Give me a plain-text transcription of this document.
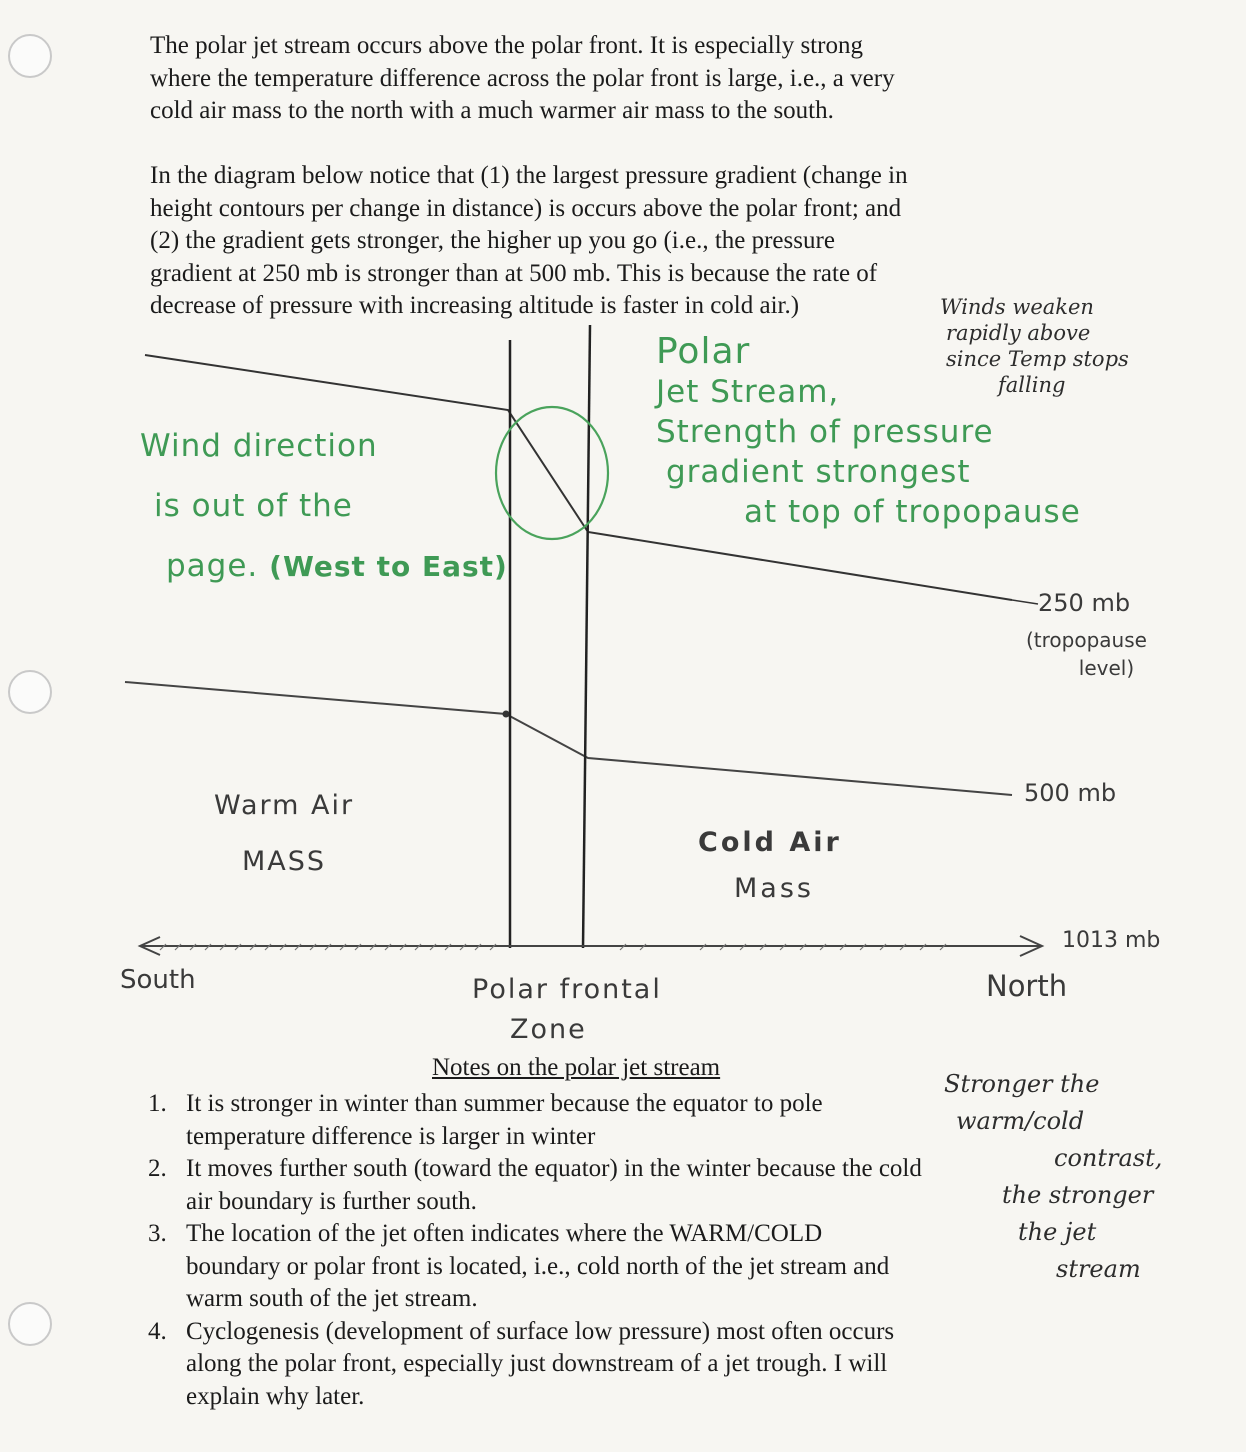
The polar jet stream occurs above the polar front. It is especially strong
where the temperature difference across the polar front is large, i.e., a very
cold air mass to the north with a much warmer air mass to the south.
In the diagram below notice that (1) the largest pressure gradient (change in
height contours per change in distance) is occurs above the polar front; and
(2) the gradient gets stronger, the higher up you go (i.e., the pressure
gradient at 250 mb is stronger than at 500 mb. This is because the rate of
decrease of pressure with increasing altitude is faster in cold air.)	Winds weaken
rapidly above
since Temp stops
falling
Polar
Jet Stream,
Strength of pressure
gradient strongest
at top of tropopause
Wind direction
is out of the
page. (West to East)
250 mb
(tropopause
level)
500 mb
1013 mb
Warm Air
MASS
Cold Air
Mass
South	North
Polar frontal
Zone
Stronger the
warm/cold
contrast,
the stronger
the jet
stream
Notes on the polar jet stream
1. It is stronger in winter than summer because the equator to pole
temperature difference is larger in winter
2. It moves further south (toward the equator) in the winter because the cold
air boundary is further south.
3. The location of the jet often indicates where the WARM/COLD
boundary or polar front is located, i.e., cold north of the jet stream and
warm south of the jet stream.
4. Cyclogenesis (development of surface low pressure) most often occurs
along the polar front, especially just downstream of a jet trough. I will
explain why later.
